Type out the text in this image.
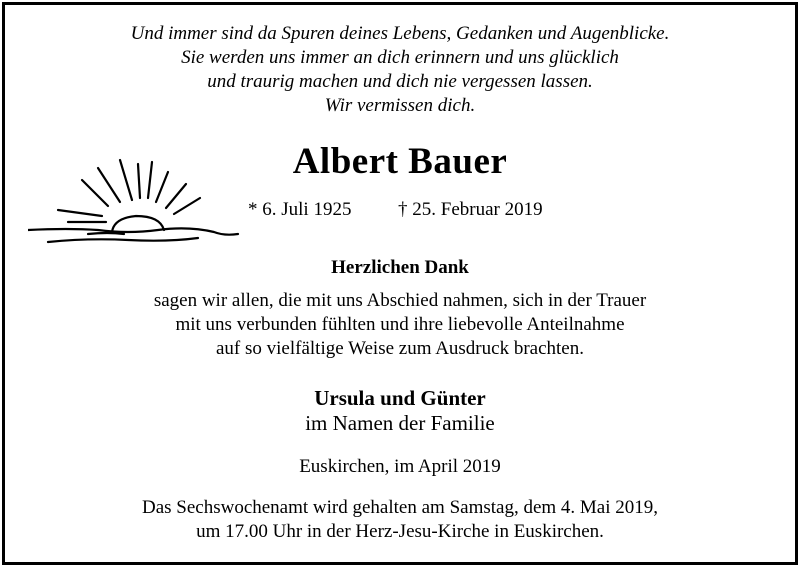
Und immer sind da Spuren deines Lebens, Gedanken und Augenblicke.
Sie werden uns immer an dich erinnern und uns glücklich
und traurig machen und dich nie vergessen lassen.
Wir vermissen dich.
Albert Bauer
* 6. Juli 1925 † 25. Februar 2019
Herzlichen Dank
sagen wir allen, die mit uns Abschied nahmen, sich in der Trauer
mit uns verbunden fühlten und ihre liebevolle Anteilnahme
auf so vielfältige Weise zum Ausdruck brachten.
Ursula und Günter
im Namen der Familie
Euskirchen, im April 2019
Das Sechswochenamt wird gehalten am Samstag, dem 4. Mai 2019,
um 17.00 Uhr in der Herz-Jesu-Kirche in Euskirchen.
